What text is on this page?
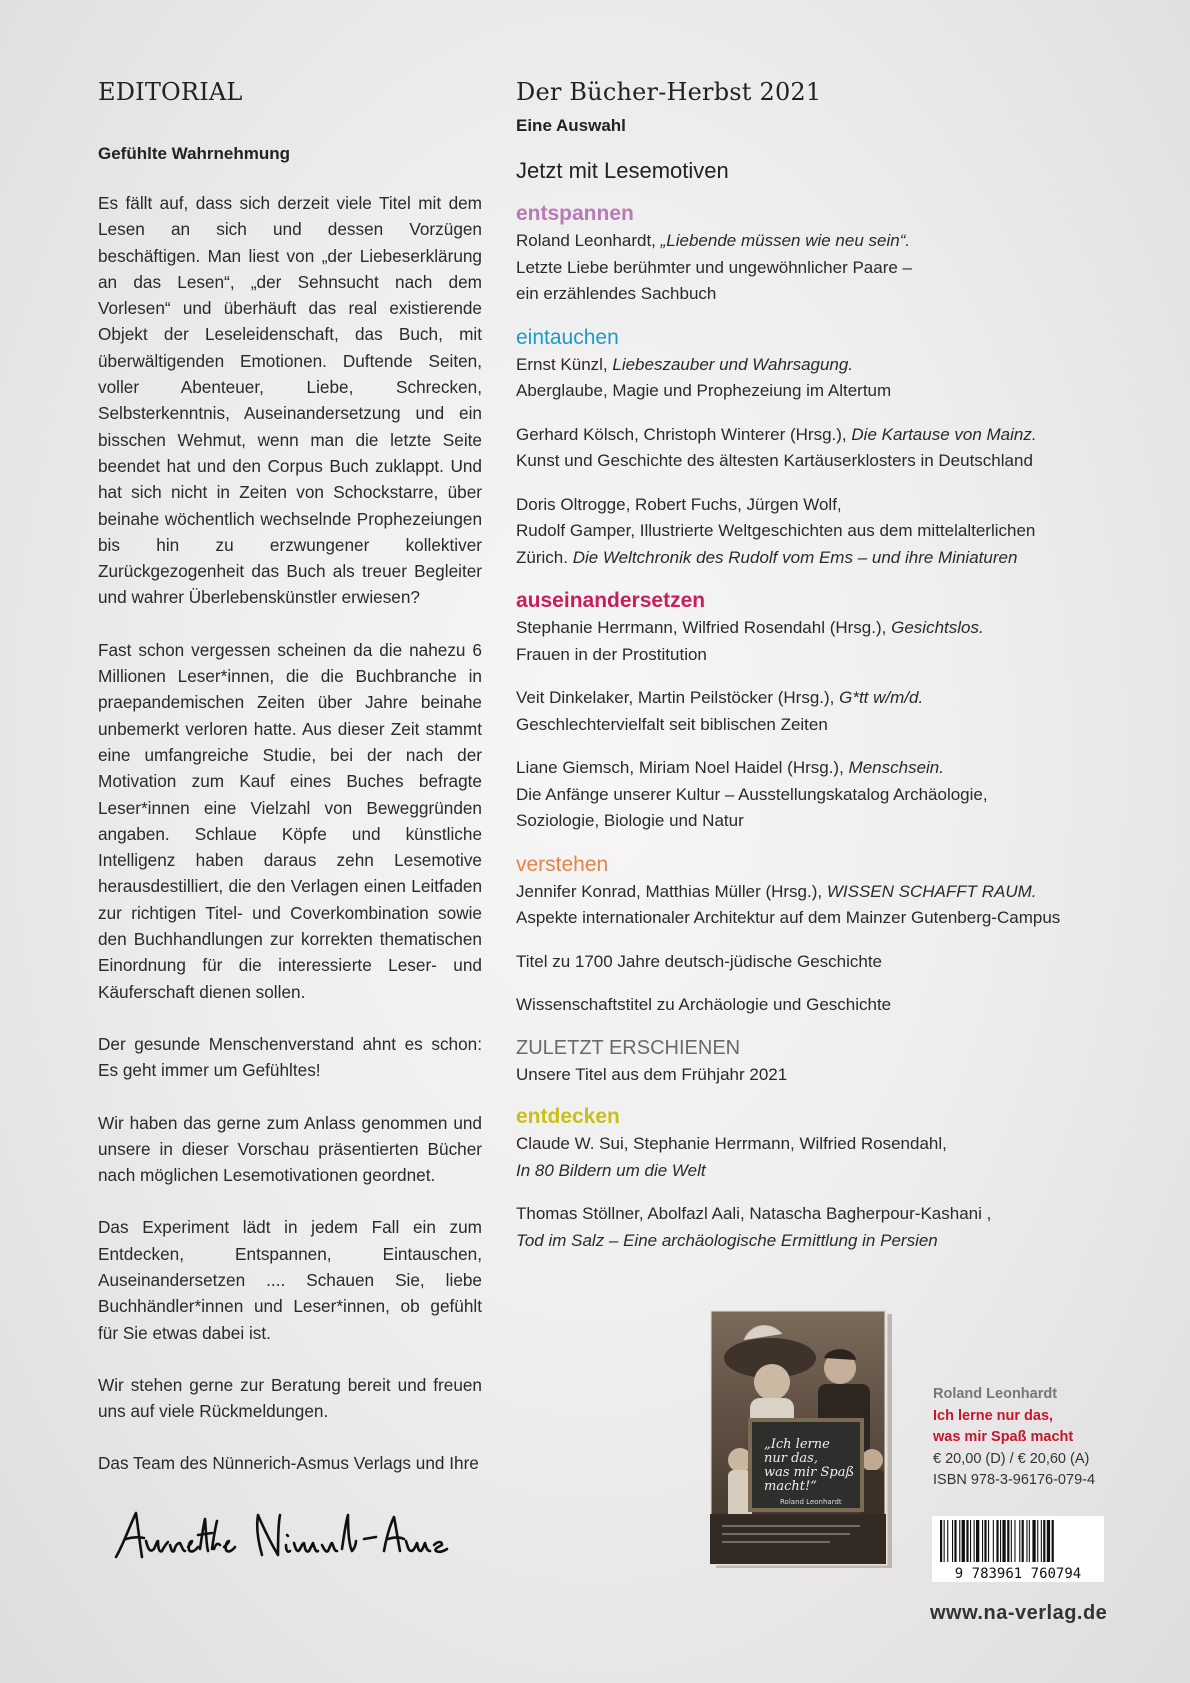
EDITORIAL

Gefühlte Wahrnehmung

Es fällt auf, dass sich derzeit viele Titel mit dem Lesen an sich und dessen Vorzügen beschäftigen. Man liest von „der Liebeserklärung an das Lesen“, „der Sehnsucht nach dem Vorlesen“ und überhäuft das real existierende Objekt der Leseleidenschaft, das Buch, mit überwältigenden Emotionen. Duftende Seiten, voller Abenteuer, Liebe, Schrecken, Selbsterkenntnis, Auseinandersetzung und ein bisschen Wehmut, wenn man die letzte Seite beendet hat und den Corpus Buch zuklappt. Und hat sich nicht in Zeiten von Schockstarre, über beinahe wöchentlich wechselnde Prophezeiungen bis hin zu erzwungener kollektiver Zurückgezogenheit das Buch als treuer Begleiter und wahrer Überlebenskünstler erwiesen?

Fast schon vergessen scheinen da die nahezu 6 Millionen Leser*innen, die die Buchbranche in praepandemischen Zeiten über Jahre beinahe unbemerkt verloren hatte. Aus dieser Zeit stammt eine umfangreiche Studie, bei der nach der Motivation zum Kauf eines Buches befragte Leser*innen eine Vielzahl von Beweggründen angaben. Schlaue Köpfe und künstliche Intelligenz haben daraus zehn Lesemotive herausdestilliert, die den Verlagen einen Leitfaden zur richtigen Titel- und Coverkombination sowie den Buchhandlungen zur korrekten thematischen Einordnung für die interessierte Leser- und Käuferschaft dienen sollen.

Der gesunde Menschenverstand ahnt es schon: Es geht immer um Gefühltes!

Wir haben das gerne zum Anlass genommen und unsere in dieser Vorschau präsentierten Bücher nach möglichen Lesemotivationen geordnet.

Das Experiment lädt in jedem Fall ein zum Entdecken, Entspannen, Eintauschen, Auseinandersetzen .... Schauen Sie, liebe Buchhändler*innen und Leser*innen, ob gefühlt für Sie etwas dabei ist.

Wir stehen gerne zur Beratung bereit und freuen uns auf viele Rückmeldungen.

Das Team des Nünnerich-Asmus Verlags und Ihre

Der Bücher-Herbst 2021

Eine Auswahl

Jetzt mit Lesemotiven
entspannen
Roland Leonhardt, „Liebende müssen wie neu sein“.
Letzte Liebe berühmter und ungewöhnlicher Paare –
ein erzählendes Sachbuch
eintauchen
Ernst Künzl, Liebeszauber und Wahrsagung.
Aberglaube, Magie und Prophezeiung im Altertum
Gerhard Kölsch, Christoph Winterer (Hrsg.), Die Kartause von Mainz.
Kunst und Geschichte des ältesten Kartäuserklosters in Deutschland
Doris Oltrogge, Robert Fuchs, Jürgen Wolf,
Rudolf Gamper, Illustrierte Weltgeschichten aus dem mittelalterlichen
Zürich. Die Weltchronik des Rudolf vom Ems – und ihre Miniaturen
auseinandersetzen
Stephanie Herrmann, Wilfried Rosendahl (Hrsg.), Gesichtslos.
Frauen in der Prostitution
Veit Dinkelaker, Martin Peilstöcker (Hrsg.), G*tt w/m/d.
Geschlechtervielfalt seit biblischen Zeiten
Liane Giemsch, Miriam Noel Haidel (Hrsg.), Menschsein.
Die Anfänge unserer Kultur – Ausstellungskatalog Archäologie,
Soziologie, Biologie und Natur
verstehen
Jennifer Konrad, Matthias Müller (Hrsg.), WISSEN SCHAFFT RAUM.
Aspekte internationaler Architektur auf dem Mainzer Gutenberg-Campus
Titel zu 1700 Jahre deutsch-jüdische Geschichte
Wissenschaftstitel zu Archäologie und Geschichte
ZULETZT ERSCHIENEN
Unsere Titel aus dem Frühjahr 2021
entdecken
Claude W. Sui, Stephanie Herrmann, Wilfried Rosendahl,
In 80 Bildern um die Welt
Thomas Stöllner, Abolfazl Aali, Natascha Bagherpour-Kashani ,
Tod im Salz – Eine archäologische Ermittlung in Persien
„Ich lerne
nur das,
was mir Spaß
macht!“
Roland Leonhardt
Roland Leonhardt
Ich lerne nur das,
was mir Spaß macht
€ 20,00 (D) / € 20,60 (A)
ISBN 978-3-96176-079-4
9 783961 760794
www.na-verlag.de
